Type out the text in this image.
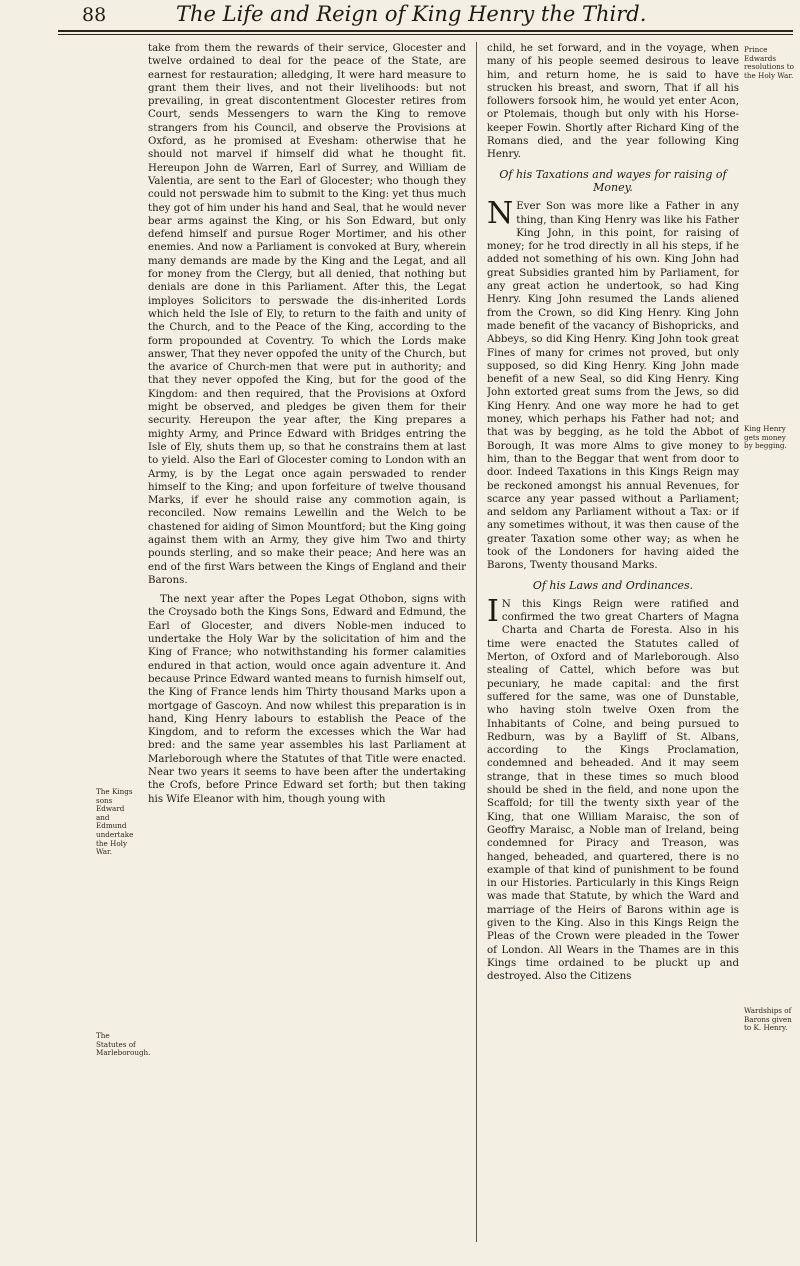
88	The Life and Reign of King Henry the Third.

take from them the rewards of their service, Glocester and twelve ordained to deal for the peace of the State, are earnest for restauration; alledging, It were hard measure to grant them their lives, and not their livelihoods: but not prevailing, in great discontentment Glocester retires from Court, sends Messengers to warn the King to remove strangers from his Council, and observe the Provisions at Oxford, as he promised at Evesham: otherwise that he should not marvel if himself did what he thought fit. Hereupon John de Warren, Earl of Surrey, and William de Valentia, are sent to the Earl of Glocester; who though they could not perswade him to submit to the King: yet thus much they got of him under his hand and Seal, that he would never bear arms against the King, or his Son Edward, but only defend himself and pursue Roger Mortimer, and his other enemies. And now a Parliament is convoked at Bury, wherein many demands are made by the King and the Legat, and all for money from the Clergy, but all denied, that nothing but denials are done in this Parliament. After this, the Legat imployes Solicitors to perswade the dis-inherited Lords which held the Isle of Ely, to return to the faith and unity of the Church, and to the Peace of the King, according to the form propounded at Coventry. To which the Lords make answer, That they never oppofed the unity of the Church, but the avarice of Church-men that were put in authority; and that they never oppofed the King, but for the good of the Kingdom: and then required, that the Provisions at Oxford might be observed, and pledges be given them for their security. Hereupon the year after, the King prepares a mighty Army, and Prince Edward with Bridges entring the Isle of Ely, shuts them up, so that he constrains them at last to yield. Also the Earl of Glocester coming to London with an Army, is by the Legat once again perswaded to render himself to the King; and upon forfeiture of twelve thousand Marks, if ever he should raise any commotion again, is reconciled. Now remains Lewellin and the Welch to be chastened for aiding of Simon Mountford; but the King going against them with an Army, they give him Two and thirty pounds sterling, and so make their peace; And here was an end of the first Wars between the Kings of England and their Barons.

The next year after the Popes Legat Othobon, signs with the Croysado both the Kings Sons, Edward and Edmund, the Earl of Glocester, and divers Noble-men induced to undertake the Holy War by the solicitation of him and the King of France; who notwithstanding his former calamities endured in that action, would once again adventure it. And because Prince Edward wanted means to furnish himself out, the King of France lends him Thirty thousand Marks upon a mortgage of Gascoyn. And now whilest this preparation is in hand, King Henry labours to establish the Peace of the Kingdom, and to reform the excesses which the War had bred: and the same year assembles his last Parliament at Marleborough where the Statutes of that Title were enacted. Near two years it seems to have been after the undertaking the Crofs, before Prince Edward set forth; but then taking his Wife Eleanor with him, though young with

child, he set forward, and in the voyage, when many of his people seemed desirous to leave him, and return home, he is said to have strucken his breast, and sworn, That if all his followers forsook him, he would yet enter Acon, or Ptolemais, though but only with his Horse-keeper Fowin. Shortly after Richard King of the Romans died, and the year following King Henry.

Of his Taxations and wayes for raising of Money.

N Ever Son was more like a Father in any thing, than King Henry was like his Father King John, in this point, for raising of money; for he trod directly in all his steps, if he added not something of his own. King John had great Subsidies granted him by Parliament, for any great action he undertook, so had King Henry. King John resumed the Lands aliened from the Crown, so did King Henry. King John made benefit of the vacancy of Bishopricks, and Abbeys, so did King Henry. King John took great Fines of many for crimes not proved, but only supposed, so did King Henry. King John made benefit of a new Seal, so did King Henry. King John extorted great sums from the Jews, so did King Henry. And one way more he had to get money, which perhaps his Father had not; and that was by begging, as he told the Abbot of Borough, It was more Alms to give money to him, than to the Beggar that went from door to door. Indeed Taxations in this Kings Reign may be reckoned amongst his annual Revenues, for scarce any year passed without a Parliament; and seldom any Parliament without a Tax: or if any sometimes without, it was then cause of the greater Taxation some other way; as when he took of the Londoners for having aided the Barons, Twenty thousand Marks.

Of his Laws and Ordinances.

I N this Kings Reign were ratified and confirmed the two great Charters of Magna Charta and Charta de Foresta. Also in his time were enacted the Statutes called of Merton, of Oxford and of Marleborough. Also stealing of Cattel, which before was but pecuniary, he made capital: and the first suffered for the same, was one of Dunstable, who having stoln twelve Oxen from the Inhabitants of Colne, and being pursued to Redburn, was by a Bayliff of St. Albans, according to the Kings Proclamation, condemned and beheaded. And it may seem strange, that in these times so much blood should be shed in the field, and none upon the Scaffold; for till the twenty sixth year of the King, that one William Maraisc, the son of Geoffry Maraisc, a Noble man of Ireland, being condemned for Piracy and Treason, was hanged, beheaded, and quartered, there is no example of that kind of punishment to be found in our Histories. Particularly in this Kings Reign was made that Statute, by which the Ward and marriage of the Heirs of Barons within age is given to the King. Also in this Kings Reign the Pleas of the Crown were pleaded in the Tower of London. All Wears in the Thames are in this Kings time ordained to be pluckt up and destroyed. Also the Citizens

The Kings sons Edward and Edmund undertake the Holy War.
The Statutes of Marleborough.
Prince Edwards resolutions to the Holy War.
King Henry gets money by begging.
Wardships of Barons given to K. Henry.
